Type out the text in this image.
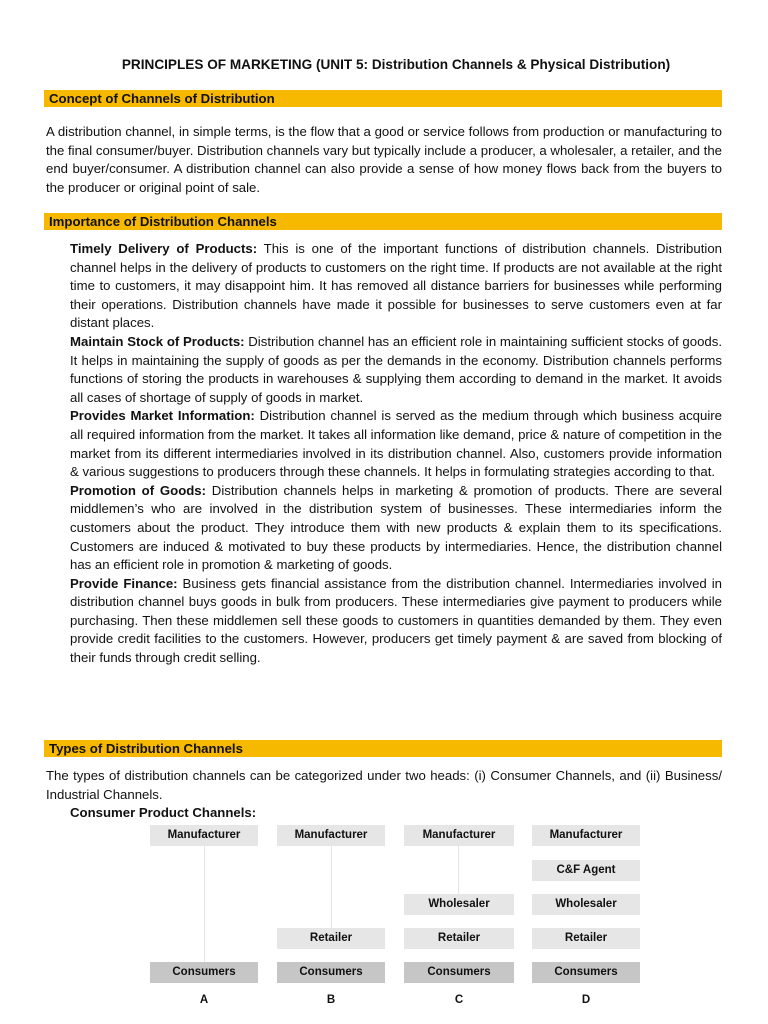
PRINCIPLES OF MARKETING (UNIT 5: Distribution Channels & Physical Distribution)
Concept of Channels of Distribution

A distribution channel, in simple terms, is the flow that a good or service follows from production or manufacturing to the final consumer/buyer. Distribution channels vary but typically include a producer, a wholesaler, a retailer, and the end buyer/consumer. A distribution channel can also provide a sense of how money flows back from the buyers to the producer or original point of sale.

Importance of Distribution Channels

Timely Delivery of Products: This is one of the important functions of distribution channels. Distribution channel helps in the delivery of products to customers on the right time. If products are not available at the right time to customers, it may disappoint him. It has removed all distance barriers for businesses while performing their operations. Distribution channels have made it possible for businesses to serve customers even at far distant places.

Maintain Stock of Products: Distribution channel has an efficient role in maintaining sufficient stocks of goods. It helps in maintaining the supply of goods as per the demands in the economy. Distribution channels performs functions of storing the products in warehouses & supplying them according to demand in the market. It avoids all cases of shortage of supply of goods in market.

Provides Market Information: Distribution channel is served as the medium through which business acquire all required information from the market. It takes all information like demand, price & nature of competition in the market from its different intermediaries involved in its distribution channel. Also, customers provide information & various suggestions to producers through these channels. It helps in formulating strategies according to that.

Promotion of Goods: Distribution channels helps in marketing & promotion of products. There are several middlemen’s who are involved in the distribution system of businesses. These intermediaries inform the customers about the product. They introduce them with new products & explain them to its specifications. Customers are induced & motivated to buy these products by intermediaries. Hence, the distribution channel has an efficient role in promotion & marketing of goods.

Provide Finance: Business gets financial assistance from the distribution channel. Intermediaries involved in distribution channel buys goods in bulk from producers. These intermediaries give payment to producers while purchasing. Then these middlemen sell these goods to customers in quantities demanded by them. They even provide credit facilities to the customers. However, producers get timely payment & are saved from blocking of their funds through credit selling.

Types of Distribution Channels

The types of distribution channels can be categorized under two heads: (i) Consumer Channels, and (ii) Business/ Industrial Channels.

Consumer Product Channels:
Manufacturer
Consumers
Manufacturer
Retailer
Consumers
Manufacturer
Wholesaler
Retailer
Consumers
Manufacturer
C&F Agent
Wholesaler
Retailer
Consumers
A	B	C	D
